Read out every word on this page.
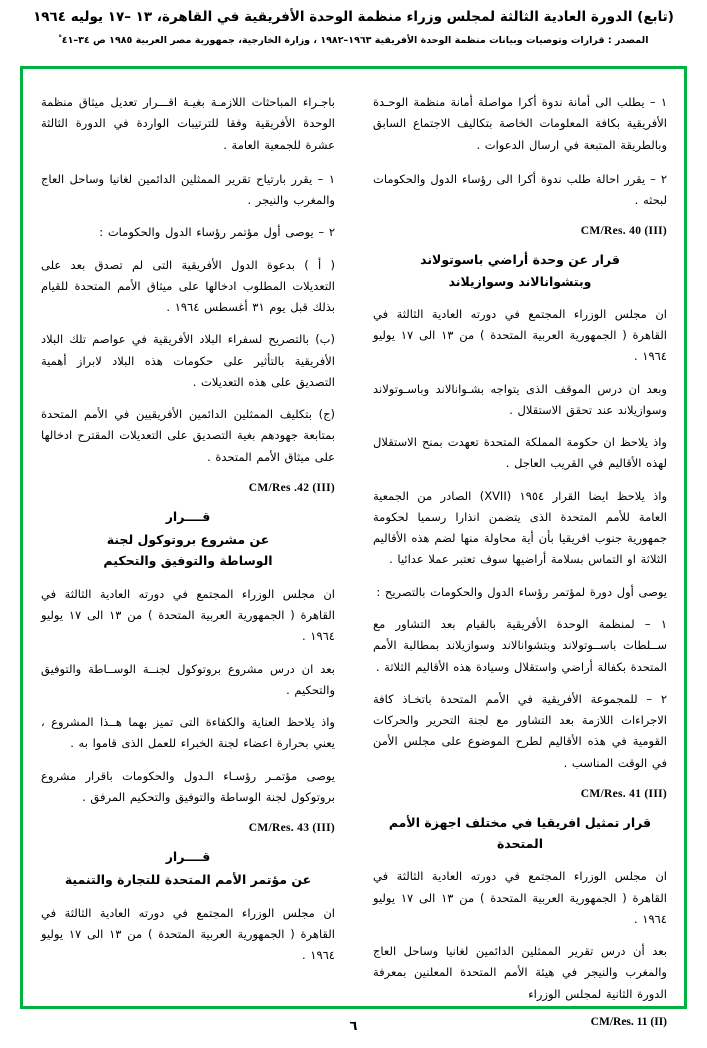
(تابع) الدورة العادية الثالثة لمجلس وزراء منظمة الوحدة الأفريقية في القاهرة، ١٣ –١٧ يوليه ١٩٦٤
المصدر : قرارات وتوصيات وبيانات منظمة الوحدة الأفريقية ١٩٦٣–١٩٨٢ ، وزارة الخارجية، جمهورية مصر العربية ١٩٨٥ ص ٣٤–٤١ ْ
١ – يطلب الى أمانة ندوة أكرا مواصلة أمانة منظمة الوحـدة الأفريقية بكافة المعلومات الخاصة بتكاليف الاجتماع السابق وبالطريقة المتبعة في ارسال الدعوات .
٢ – يقرر احالة طلب ندوة أكرا الى رؤساء الدول والحكومات لبحثه .
CM/Res. 40 (III)
قرار عن وحدة أراضي باسوتولاند
وبتشوانالاند وسوازيلاند
ان مجلس الوزراء المجتمع في دورته العادية الثالثة في القاهرة ( الجمهورية العربية المتحدة ) من ١٣ الى ١٧ يوليو ١٩٦٤ .
وبعد ان درس الموقف الذى يتواجه بشـوانالاند وباسـوتولاند وسوازيلاند عند تحقق الاستقلال .
واذ يلاحظ ان حكومة المملكة المتحدة تعهدت بمنح الاستقلال لهذه الأقاليم في القريب العاجل .
واذ يلاحظ ايضا القرار ١٩٥٤ (XVII) الصادر من الجمعية العامة للأمم المتحدة الذى يتضمن انذارا رسميا لحكومة جمهورية جنوب افريقيا بأن أية محاولة منها لضم هذه الأقاليم الثلاثة او التماس بسلامة أراضيها سوف تعتبر عملا عدائيا .
يوصى أول دورة لمؤتمر رؤساء الدول والحكومات بالتصريح :
١ – لمنظمة الوحدة الأفريقية بالقيام بعد التشاور مع ســلطات باســوتولاند وبتشوانالاند وسوازيلاند بمطالبة الأمم المتحدة بكفالة أراضي واستقلال وسيادة هذه الأقاليم الثلاثة .
٢ – للمجموعة الأفريقية في الأمم المتحدة باتخـاذ كافة الاجراءات اللازمة بعد التشاور مع لجنة التحرير والحركات القومية في هذه الأقاليم لطرح الموضوع على مجلس الأمن في الوقت المناسب .
CM/Res. 41 (III)
قرار تمثيل افريقيا في مختلف اجهزة الأمم المتحدة
ان مجلس الوزراء المجتمع في دورته العادية الثالثة في القاهرة ( الجمهورية العربية المتحدة ) من ١٣ الى ١٧ يوليو ١٩٦٤ .
بعد أن درس تقرير الممثلين الدائمين لغانيا وساحل العاج والمغرب والنيجر في هيئة الأمم المتحدة المعلنين بمعرفة الدورة الثانية لمجلس الوزراء
CM/Res. 11 (II)
باجـراء المباحثات اللازمـة بغيـة اقـــرار تعديل ميثاق منظمة الوحدة الأفريقية وفقا للترتيبات الواردة في الدورة الثالثة عشرة للجمعية العامة .
١ – يقرر بارتياح تقرير الممثلين الدائمين لغانيا وساحل العاج والمغرب والنيجر .
٢ – يوصى أول مؤتمر رؤساء الدول والحكومات :
( أ ) بدعوة الدول الأفريقية التى لم تصدق بعد على التعديلات المطلوب ادخالها على ميثاق الأمم المتحدة للقيام بذلك قبل يوم ٣١ أغسطس ١٩٦٤ .
(ب) بالتصريح لسفراء البلاد الأفريقية في عواصم تلك البلاد الأفريقية بالتأثير على حكومات هذه البلاد لابراز أهمية التصديق على هذه التعديلات .
(ج) بتكليف الممثلين الدائمين الأفريقيين في الأمم المتحدة بمتابعة جهودهم بغية التصديق على التعديلات المقترح ادخالها على ميثاق الأمم المتحدة .
CM/Res .42 (III)
قــــرار
عن مشروع بروتوكول لجنة
الوساطة والتوفيق والتحكيم
ان مجلس الوزراء المجتمع في دورته العادية الثالثة في القاهرة ( الجمهورية العربية المتحدة ) من ١٣ الى ١٧ يوليو ١٩٦٤ .
بعد ان درس مشروع بروتوكول لجنــة الوســاطة والتوفيق والتحكيم .
واذ يلاحظ العناية والكفاءة التى تميز بهما هــذا المشروع ، يعني بحرارة اعضاء لجنة الخبراء للعمل الذى قاموا به .
يوصى مؤتمـر رؤسـاء الـدول والحكومات باقرار مشروع بروتوكول لجنة الوساطة والتوفيق والتحكيم المرفق .
CM/Res. 43 (III)
قــــرار
عن مؤتمر الأمم المتحدة للتجارة والتنمية
ان مجلس الوزراء المجتمع في دورته العادية الثالثة في القاهرة ( الجمهورية العربية المتحدة ) من ١٣ الى ١٧ يوليو ١٩٦٤ .
٦
